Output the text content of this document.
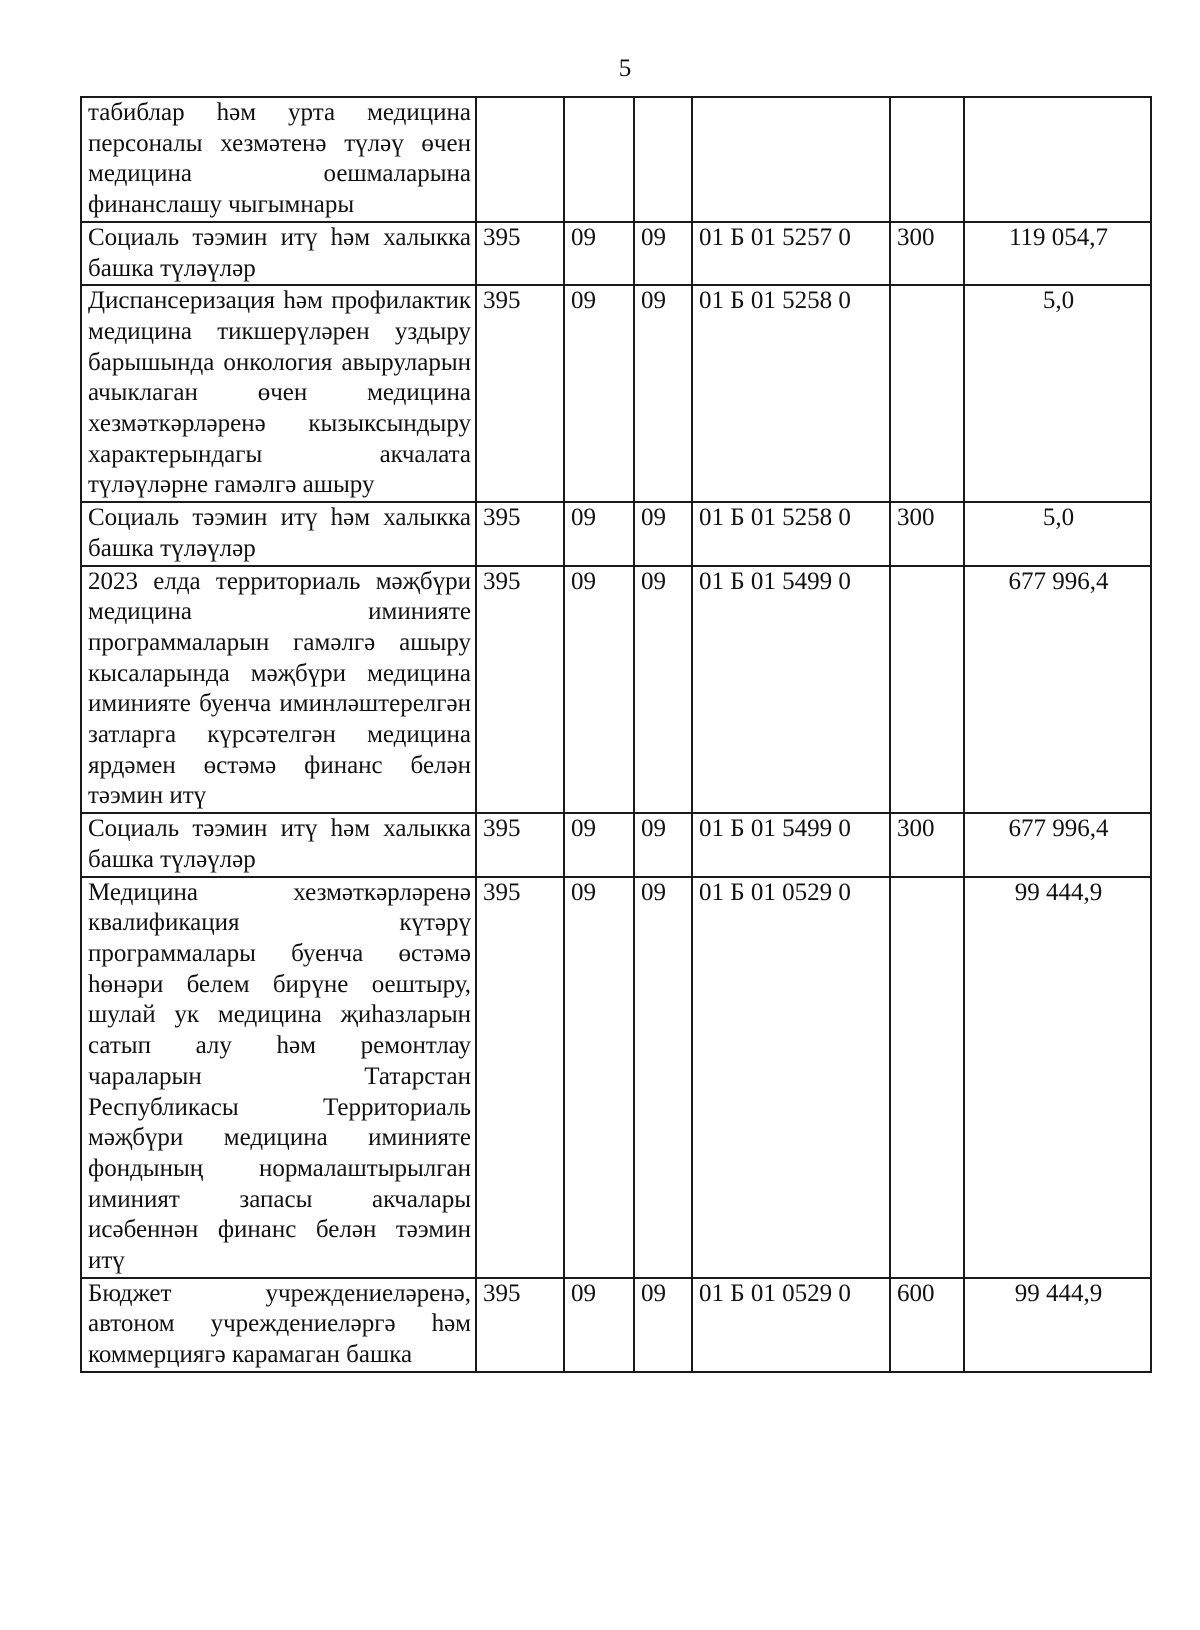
5
табиблар һәм урта медицина персоналы хезмәтенә түләү өчен медицина оешмаларына финанслашу чыгымнары						
Социаль тәэмин итү һәм халыкка башка түләүләр	395	09	09	01 Б 01 5257 0	300	119 054,7
Диспансеризация һәм профилактик медицина тикшерүләрен уздыру барышында онкология авыруларын ачыклаган өчен медицина хезмәткәрләренә кызыксындыру характерындагы акчалата түләүләрне гамәлгә ашыру	395	09	09	01 Б 01 5258 0		5,0
Социаль тәэмин итү һәм халыкка башка түләүләр	395	09	09	01 Б 01 5258 0	300	5,0
2023 елда территориаль мәҗбүри медицина иминияте программаларын гамәлгә ашыру кысаларында мәҗбүри медицина иминияте буенча иминләштерелгән затларга күрсәтелгән медицина ярдәмен өстәмә финанс белән тәэмин итү	395	09	09	01 Б 01 5499 0		677 996,4
Социаль тәэмин итү һәм халыкка башка түләүләр	395	09	09	01 Б 01 5499 0	300	677 996,4
Медицина хезмәткәрләренә квалификация күтәрү программалары буенча өстәмә һөнәри белем бирүне оештыру, шулай ук медицина җиһазларын сатып алу һәм ремонтлау чараларын Татарстан Республикасы Территориаль мәҗбүри медицина иминияте фондының нормалаштырылган иминият запасы акчалары исәбеннән финанс белән тәэмин итү	395	09	09	01 Б 01 0529 0		99 444,9
Бюджет учреждениеләренә, автоном учреждениеләргә һәм коммерциягә карамаган башка	395	09	09	01 Б 01 0529 0	600	99 444,9
